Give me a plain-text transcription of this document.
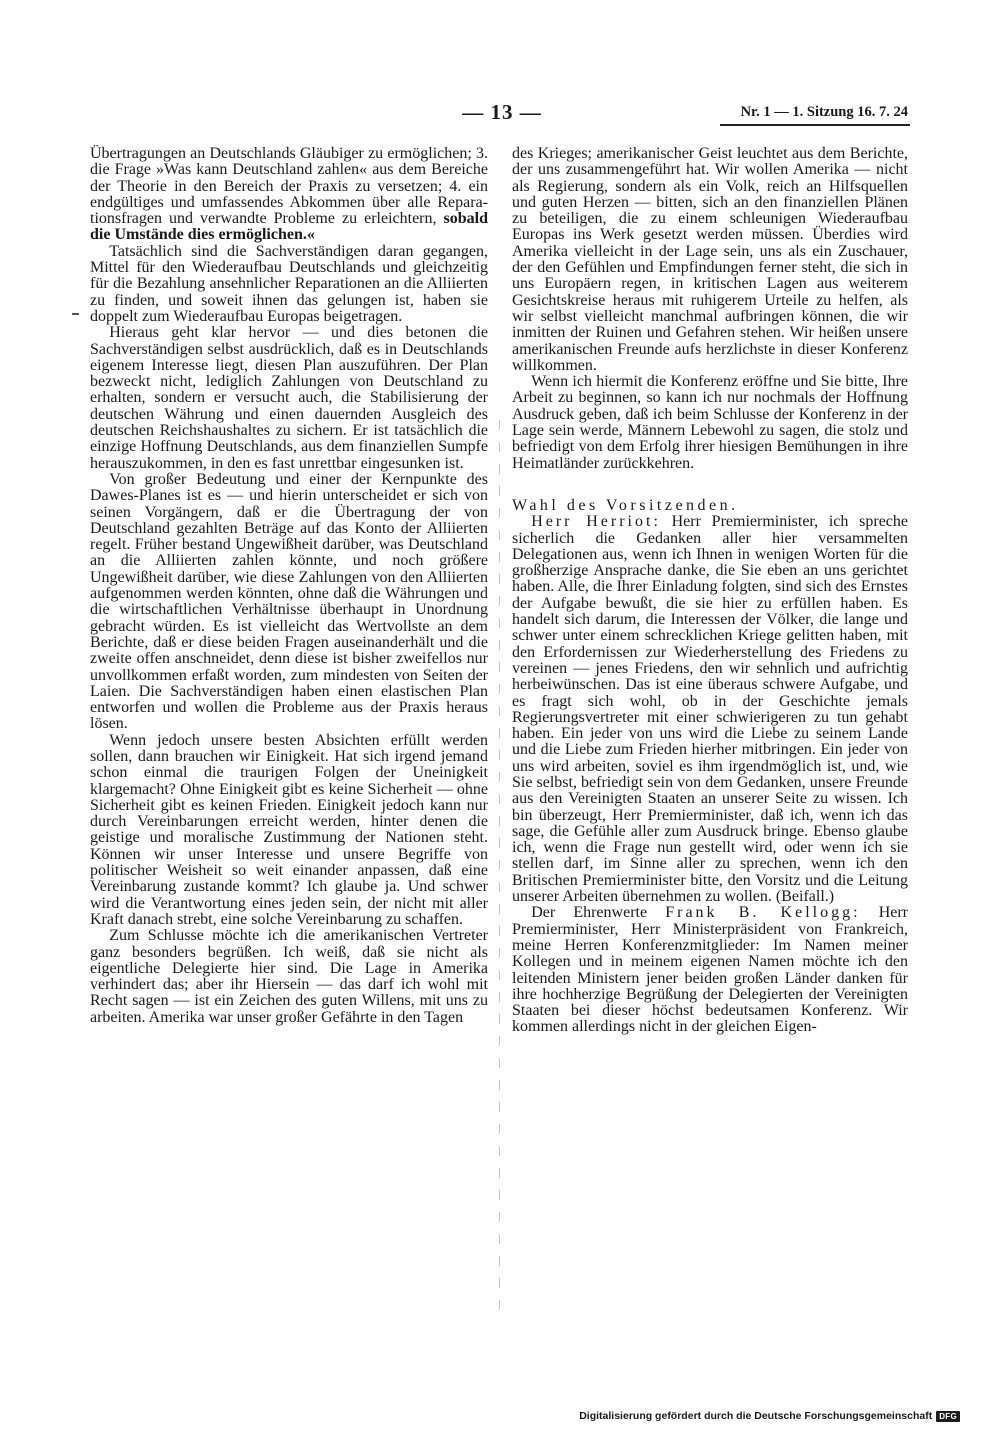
— 13 —	Nr. 1 — 1. Sitzung 16. 7. 24

Übertragungen an Deutschlands Gläubiger zu ermöglichen; 3. die Frage »Was kann Deutschland zahlen« aus dem Bereiche der Theorie in den Bereich der Praxis zu versetzen; 4. ein endgültiges und umfassendes Abkommen über alle Reparationsfragen und verwandte Probleme zu erleichtern, sobald die Umstände dies ermöglichen.«

Tatsächlich sind die Sachverständigen daran gegangen, Mittel für den Wiederaufbau Deutschlands und gleichzeitig für die Bezahlung ansehnlicher Reparationen an die Alliierten zu finden, und soweit ihnen das gelungen ist, haben sie doppelt zum Wiederaufbau Europas beigetragen.

Hieraus geht klar hervor — und dies betonen die Sachverständigen selbst ausdrücklich, daß es in Deutschlands eigenem Interesse liegt, diesen Plan auszuführen. Der Plan bezweckt nicht, lediglich Zahlungen von Deutschland zu erhalten, sondern er versucht auch, die Stabilisierung der deutschen Währung und einen dauernden Ausgleich des deutschen Reichshaushaltes zu sichern. Er ist tatsächlich die einzige Hoffnung Deutschlands, aus dem finanziellen Sumpfe herauszukommen, in den es fast unrettbar eingesunken ist.

Von großer Bedeutung und einer der Kernpunkte des Dawes-Planes ist es — und hierin unterscheidet er sich von seinen Vorgängern, daß er die Übertragung der von Deutschland gezahlten Beträge auf das Konto der Alliierten regelt. Früher bestand Ungewißheit darüber, was Deutschland an die Alliierten zahlen könnte, und noch größere Ungewißheit darüber, wie diese Zahlungen von den Alliierten aufgenommen werden könnten, ohne daß die Währungen und die wirtschaftlichen Verhältnisse überhaupt in Unordnung gebracht würden. Es ist vielleicht das Wertvollste an dem Berichte, daß er diese beiden Fragen auseinanderhält und die zweite offen anschneidet, denn diese ist bisher zweifellos nur unvollkommen erfaßt worden, zum mindesten von Seiten der Laien. Die Sachverständigen haben einen elastischen Plan entworfen und wollen die Probleme aus der Praxis heraus lösen.

Wenn jedoch unsere besten Absichten erfüllt werden sollen, dann brauchen wir Einigkeit. Hat sich irgend jemand schon einmal die traurigen Folgen der Uneinigkeit klargemacht? Ohne Einigkeit gibt es keine Sicherheit — ohne Sicherheit gibt es keinen Frieden. Einigkeit jedoch kann nur durch Vereinbarungen erreicht werden, hinter denen die geistige und moralische Zustimmung der Nationen steht. Können wir unser Interesse und unsere Begriffe von politischer Weisheit so weit einander anpassen, daß eine Vereinbarung zustande kommt? Ich glaube ja. Und schwer wird die Verantwortung eines jeden sein, der nicht mit aller Kraft danach strebt, eine solche Vereinbarung zu schaffen.

Zum Schlusse möchte ich die amerikanischen Vertreter ganz besonders begrüßen. Ich weiß, daß sie nicht als eigentliche Delegierte hier sind. Die Lage in Amerika verhindert das; aber ihr Hiersein — das darf ich wohl mit Recht sagen — ist ein Zeichen des guten Willens, mit uns zu arbeiten. Amerika war unser großer Gefährte in den Tagen

des Krieges; amerikanischer Geist leuchtet aus dem Berichte, der uns zusammengeführt hat. Wir wollen Amerika — nicht als Regierung, sondern als ein Volk, reich an Hilfsquellen und guten Herzen — bitten, sich an den finanziellen Plänen zu beteiligen, die zu einem schleunigen Wiederaufbau Europas ins Werk gesetzt werden müssen. Überdies wird Amerika vielleicht in der Lage sein, uns als ein Zuschauer, der den Gefühlen und Empfindungen ferner steht, die sich in uns Europäern regen, in kritischen Lagen aus weiterem Gesichtskreise heraus mit ruhigerem Urteile zu helfen, als wir selbst vielleicht manchmal aufbringen können, die wir inmitten der Ruinen und Gefahren stehen. Wir heißen unsere amerikanischen Freunde aufs herzlichste in dieser Konferenz willkommen.

Wenn ich hiermit die Konferenz eröffne und Sie bitte, Ihre Arbeit zu beginnen, so kann ich nur nochmals der Hoffnung Ausdruck geben, daß ich beim Schlusse der Konferenz in der Lage sein werde, Männern Lebewohl zu sagen, die stolz und befriedigt von dem Erfolg ihrer hiesigen Bemühungen in ihre Heimatländer zurückkehren.

Wahl des Vorsitzenden.

Herr Herriot: Herr Premierminister, ich spreche sicherlich die Gedanken aller hier versammelten Delegationen aus, wenn ich Ihnen in wenigen Worten für die großherzige Ansprache danke, die Sie eben an uns gerichtet haben. Alle, die Ihrer Einladung folgten, sind sich des Ernstes der Aufgabe bewußt, die sie hier zu erfüllen haben. Es handelt sich darum, die Interessen der Völker, die lange und schwer unter einem schrecklichen Kriege gelitten haben, mit den Erfordernissen zur Wiederherstellung des Friedens zu vereinen — jenes Friedens, den wir sehnlich und aufrichtig herbeiwünschen. Das ist eine überaus schwere Aufgabe, und es fragt sich wohl, ob in der Geschichte jemals Regierungsvertreter mit einer schwierigeren zu tun gehabt haben. Ein jeder von uns wird die Liebe zu seinem Lande und die Liebe zum Frieden hierher mitbringen. Ein jeder von uns wird arbeiten, soviel es ihm irgendmöglich ist, und, wie Sie selbst, befriedigt sein von dem Gedanken, unsere Freunde aus den Vereinigten Staaten an unserer Seite zu wissen. Ich bin überzeugt, Herr Premierminister, daß ich, wenn ich das sage, die Gefühle aller zum Ausdruck bringe. Ebenso glaube ich, wenn die Frage nun gestellt wird, oder wenn ich sie stellen darf, im Sinne aller zu sprechen, wenn ich den Britischen Premierminister bitte, den Vorsitz und die Leitung unserer Arbeiten übernehmen zu wollen. (Beifall.)

Der Ehrenwerte Frank B. Kellogg: Herr Premierminister, Herr Ministerpräsident von Frankreich, meine Herren Konferenzmitglieder: Im Namen meiner Kollegen und in meinem eigenen Namen möchte ich den leitenden Ministern jener beiden großen Länder danken für ihre hochherzige Begrüßung der Delegierten der Vereinigten Staaten bei dieser höchst bedeutsamen Konferenz. Wir kommen allerdings nicht in der gleichen Eigen-

Digitalisierung gefördert durch die Deutsche Forschungsgemeinschaft DFG
